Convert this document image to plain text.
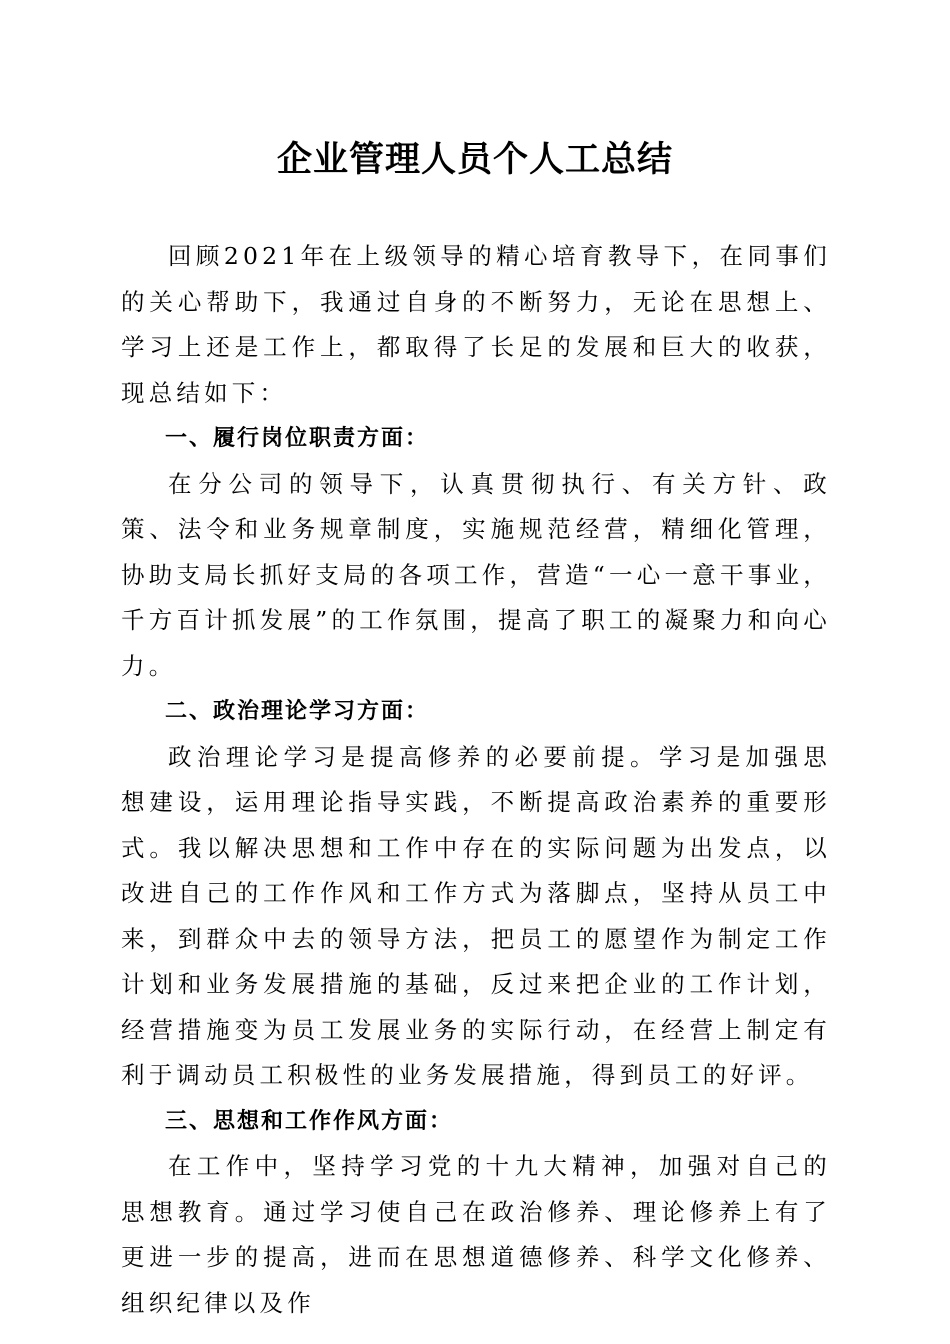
企业管理人员个人工总结

回顾2021年在上级领导的精心培育教导下，在同事们的关心帮助下，我通过自身的不断努力，无论在思想上、学习上还是工作上，都取得了长足的发展和巨大的收获，现总结如下：

一、履行岗位职责方面：

在分公司的领导下，认真贯彻执行、有关方针、政策、法令和业务规章制度，实施规范经营，精细化管理，协助支局长抓好支局的各项工作，营造“一心一意干事业，千方百计抓发展”的工作氛围，提高了职工的凝聚力和向心力。

二、政治理论学习方面：

政治理论学习是提高修养的必要前提。学习是加强思想建设，运用理论指导实践，不断提高政治素养的重要形式。我以解决思想和工作中存在的实际问题为出发点，以改进自己的工作作风和工作方式为落脚点，坚持从员工中来，到群众中去的领导方法，把员工的愿望作为制定工作计划和业务发展措施的基础，反过来把企业的工作计划，经营措施变为员工发展业务的实际行动，在经营上制定有利于调动员工积极性的业务发展措施，得到员工的好评。

三、思想和工作作风方面：

在工作中，坚持学习党的十九大精神，加强对自己的思想教育。通过学习使自己在政治修养、理论修养上有了更进一步的提高，进而在思想道德修养、科学文化修养、组织纪律以及作
